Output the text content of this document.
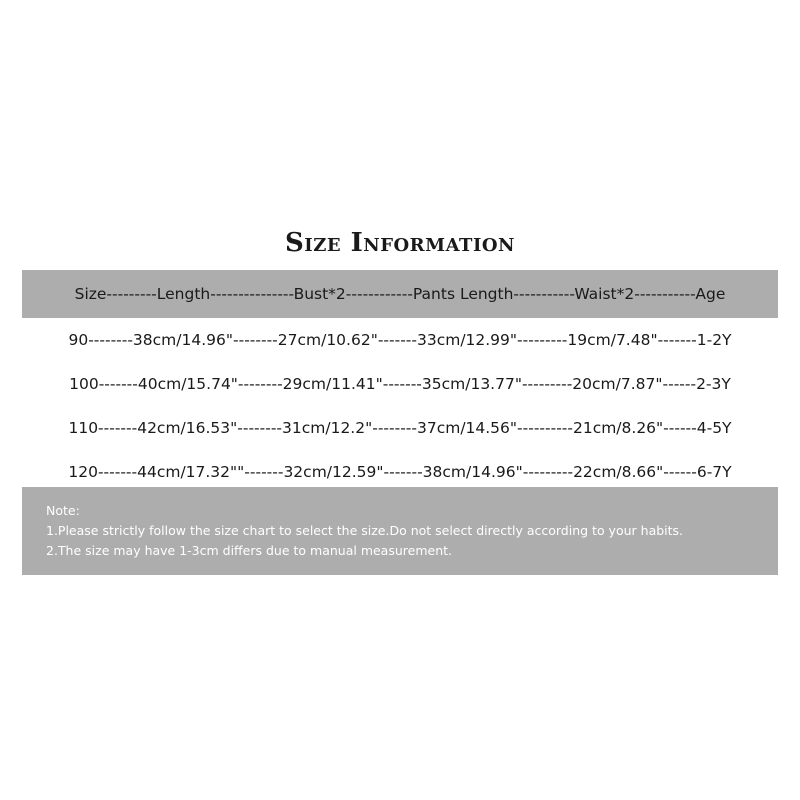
Size Information
Size---------Length---------------Bust*2------------Pants Length-----------Waist*2-----------Age
90--------38cm/14.96"--------27cm/10.62"-------33cm/12.99"---------19cm/7.48"-------1-2Y
100-------40cm/15.74"--------29cm/11.41"-------35cm/13.77"---------20cm/7.87"------2-3Y
110-------42cm/16.53"--------31cm/12.2"--------37cm/14.56"----------21cm/8.26"------4-5Y
120-------44cm/17.32""-------32cm/12.59"-------38cm/14.96"---------22cm/8.66"------6-7Y
Note:
1.Please strictly follow the size chart to select the size.Do not select directly according to your habits.
2.The size may have 1-3cm differs due to manual measurement.
